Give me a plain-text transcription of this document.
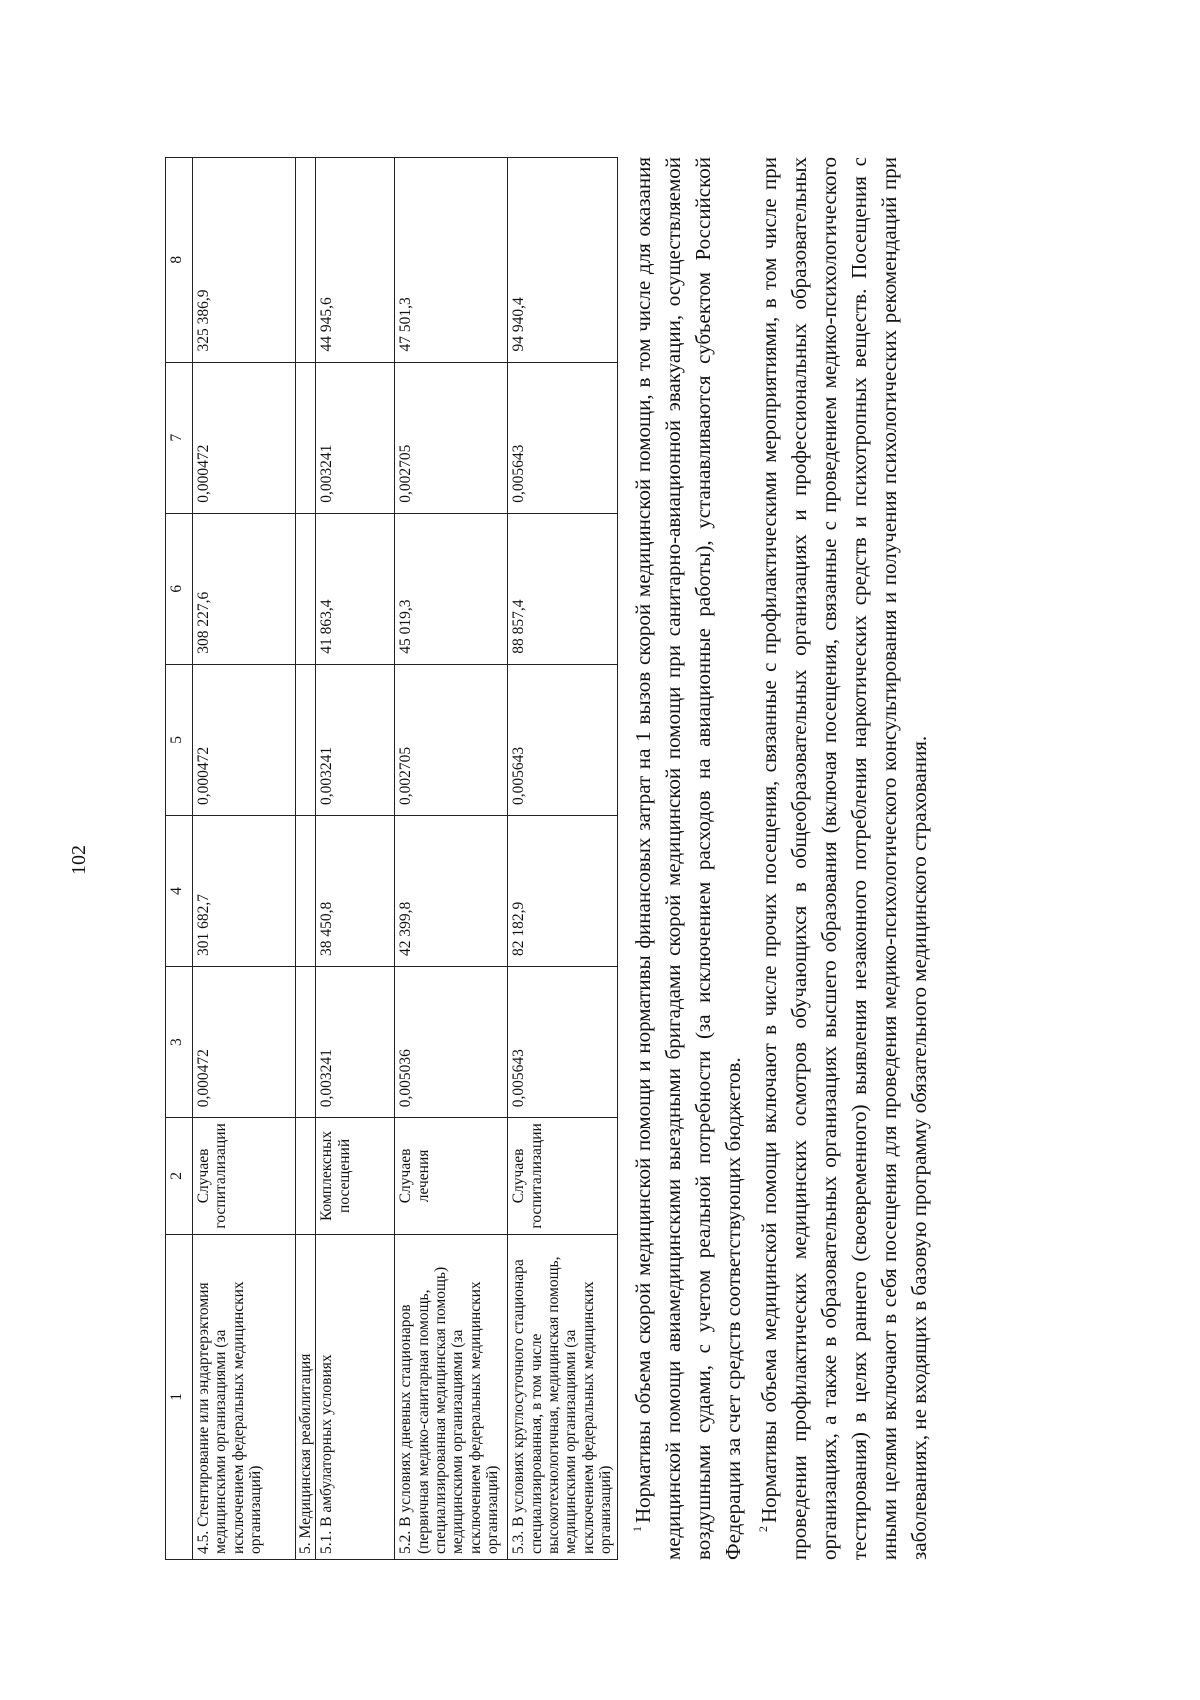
102
1	2	3	4	5	6	7	8
4.5. Стентирование или эндартерэктомия медицинскими организациями (за исключением федеральных медицинских организаций)	Случаев госпитализации	0,000472	301 682,7	0,000472	308 227,6	0,000472	325 386,9
5. Медицинская реабилитация							
5.1. В амбулаторных условиях	Комплексных посещений	0,003241	38 450,8	0,003241	41 863,4	0,003241	44 945,6
5.2. В условиях дневных стационаров (первичная медико-санитарная помощь, специализированная медицинская помощь) медицинскими организациями (за исключением федеральных медицинских организаций)	Случаев лечения	0,005036	42 399,8	0,002705	45 019,3	0,002705	47 501,3
5.3. В условиях круглосуточного стационара специализированная, в том числе высокотехнологичная, медицинская помощь, медицинскими организациями (за исключением федеральных медицинских организаций)	Случаев госпитализации	0,005643	82 182,9	0,005643	88 857,4	0,005643	94 940,4

$^1$Нормативы объема скорой медицинской помощи и нормативы финансовых затрат на 1 вызов скорой медицинской помощи, в том числе для оказания медицинской помощи авиамедицинскими выездными бригадами скорой медицинской помощи при санитарно-авиационной эвакуации, осуществляемой воздушными судами, с учетом реальной потребности (за исключением расходов на авиационные работы), устанавливаются субъектом Российской Федерации за счет средств соответствующих бюджетов. $^2$Нормативы объема медицинской помощи включают в числе прочих посещения, связанные с профилактическими мероприятиями, в том числе при проведении профилактических медицинских осмотров обучающихся в общеобразовательных организациях и профессиональных образовательных организациях, а также в образовательных организациях высшего образования (включая посещения, связанные с проведением медико-психологического тестирования) в целях раннего (своевременного) выявления незаконного потребления наркотических средств и психотропных веществ. Посещения с иными целями включают в себя посещения для проведения медико-психологического консультирования и получения психологических рекомендаций при заболеваниях, не входящих в базовую программу обязательного медицинского страхования.
